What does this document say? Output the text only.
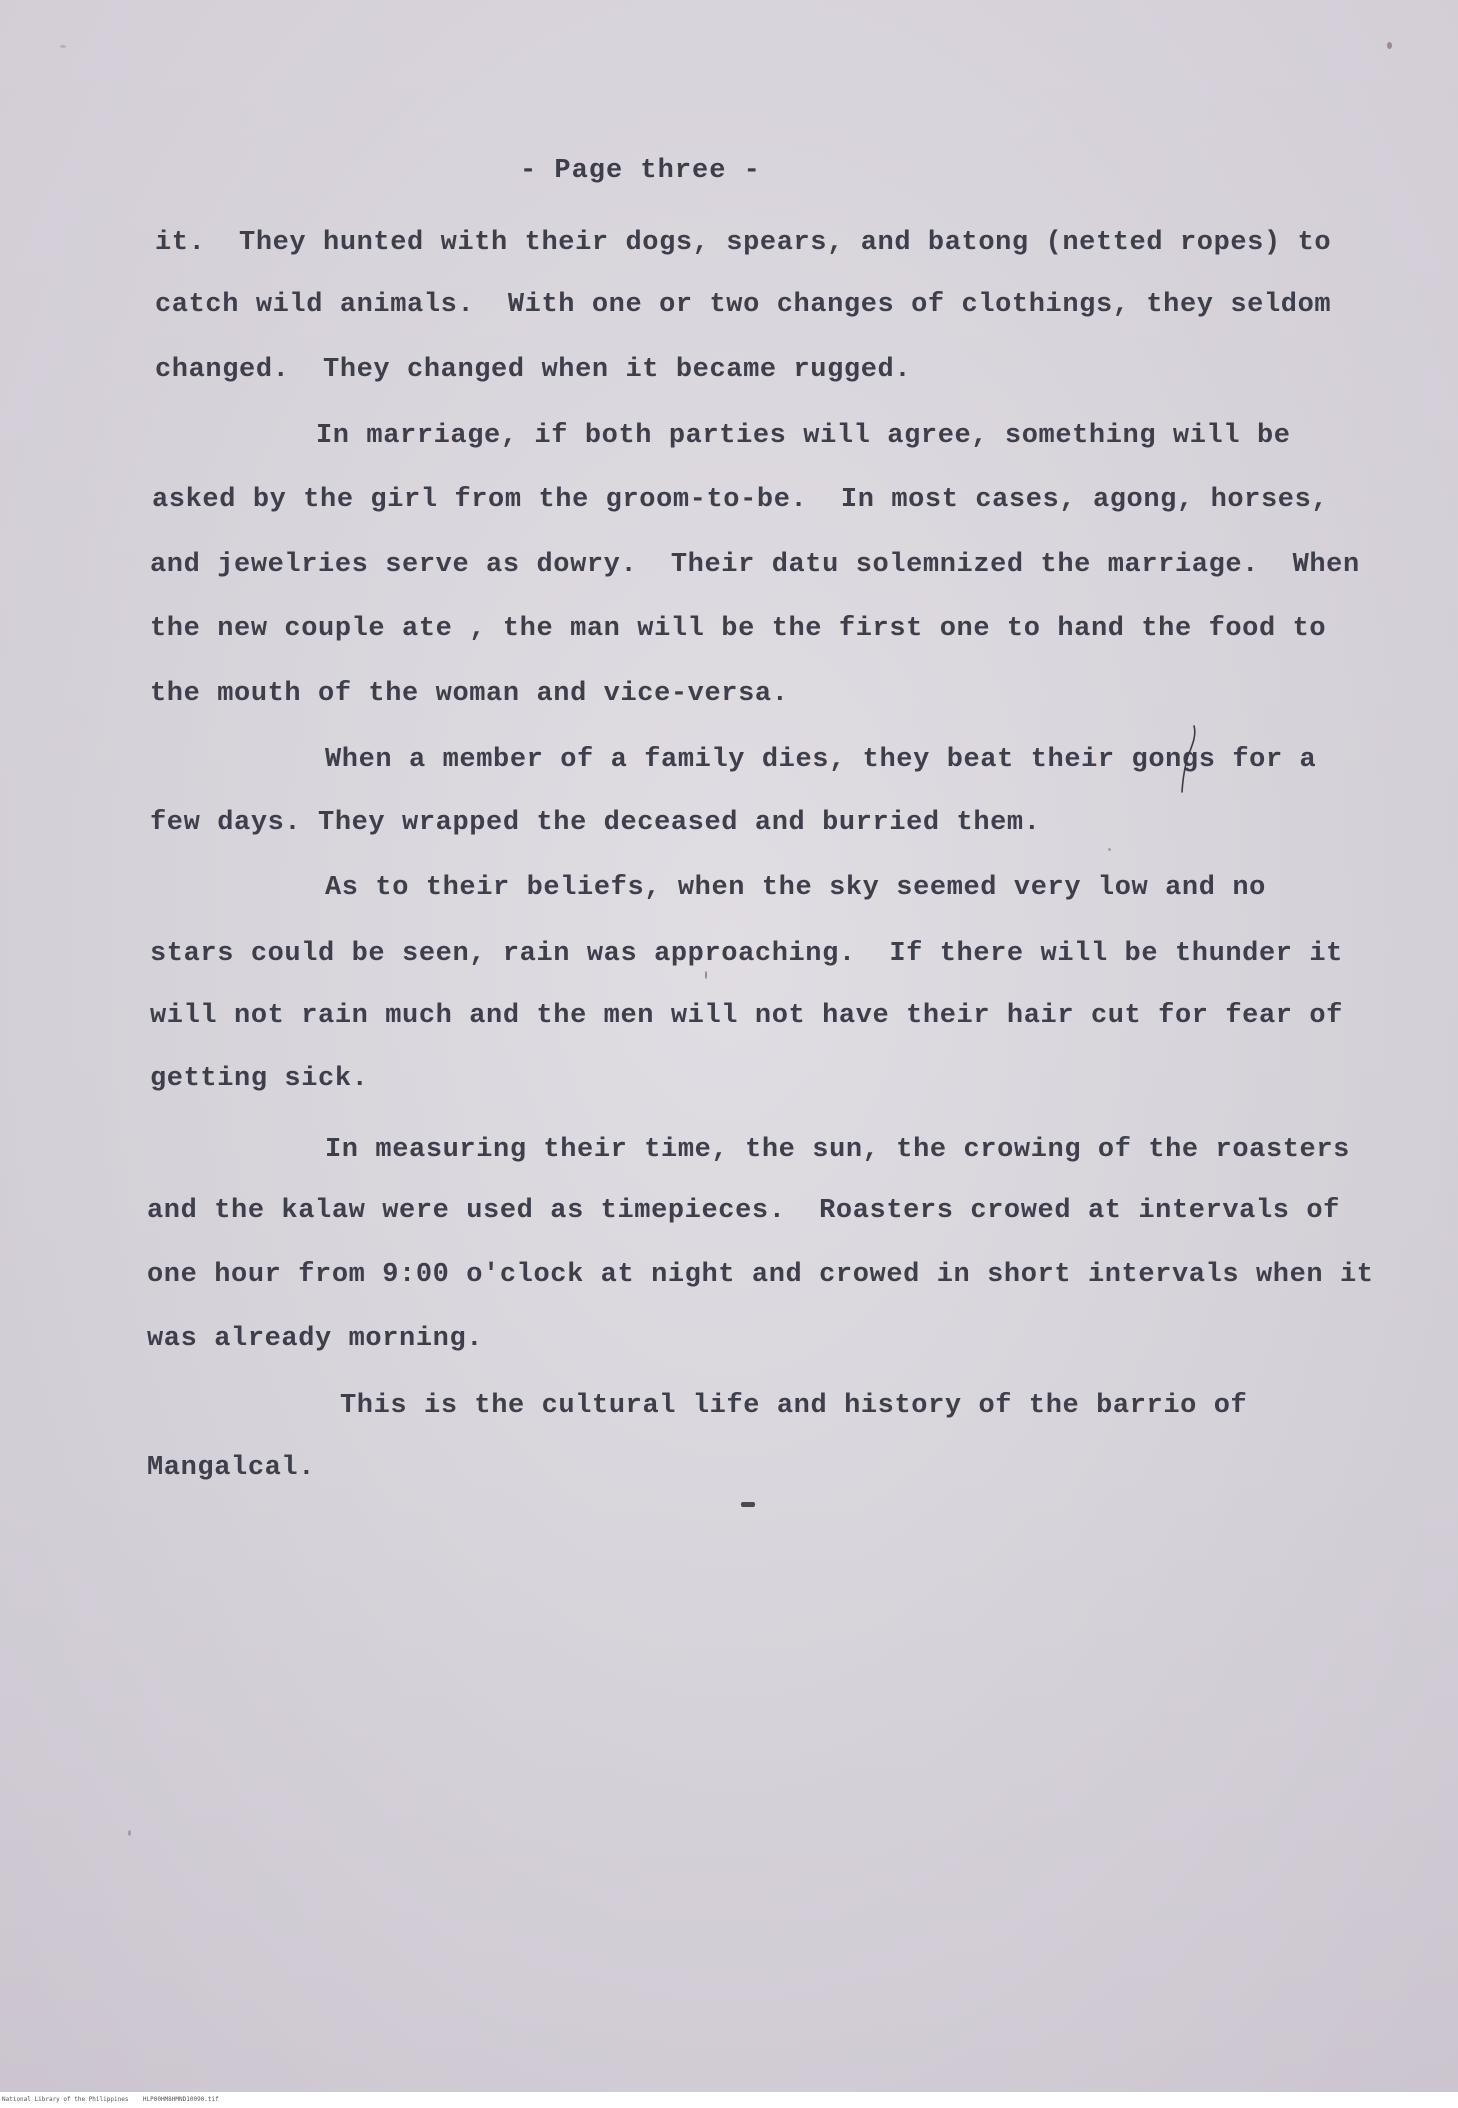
- Page three -
it.  They hunted with their dogs, spears, and batong (netted ropes) to
catch wild animals.  With one or two changes of clothings, they seldom
changed.  They changed when it became rugged.
In marriage, if both parties will agree, something will be
asked by the girl from the groom-to-be.  In most cases, agong, horses,
and jewelries serve as dowry.  Their datu solemnized the marriage.  When
the new couple ate , the man will be the first one to hand the food to
the mouth of the woman and vice-versa.
When a member of a family dies, they beat their gongs for a
few days. They wrapped the deceased and burried them.
As to their beliefs, when the sky seemed very low and no
stars could be seen, rain was approaching.  If there will be thunder it
will not rain much and the men will not have their hair cut for fear of
getting sick.
In measuring their time, the sun, the crowing of the roasters
and the kalaw were used as timepieces.  Roasters crowed at intervals of
one hour from 9:00 o'clock at night and crowed in short intervals when it
was already morning.
This is the cultural life and history of the barrio of
Mangalcal.
National Library of the Philippines    HLP00HM8HMND10090.tif
